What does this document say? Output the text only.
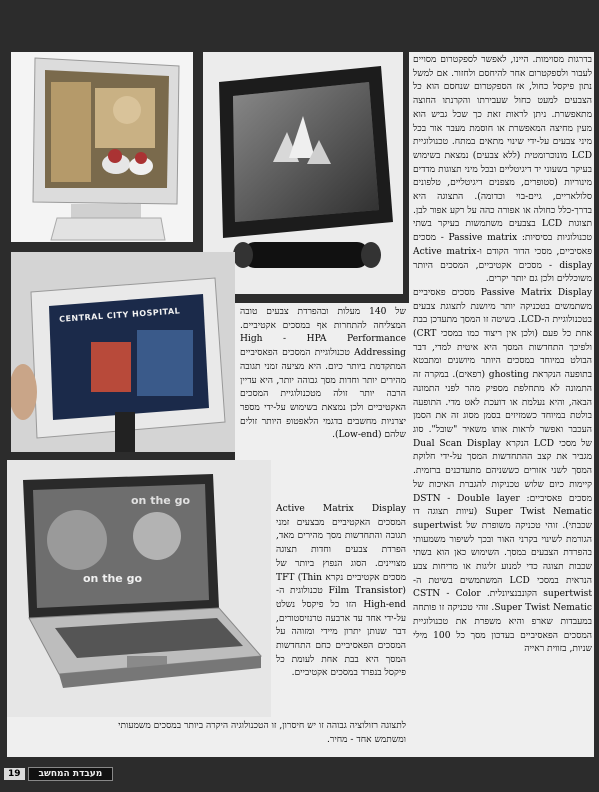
בדרגות מסוימות. היינו, לאפשר לספקטרום מסויים לעבור ולספקטרום אחר להיחסם ולחזור. אם למשל נתון פיקסל כחול, אז הספקטרום שנחסם הוא כל הצבעים למעט כחול שעבירתו והקרנתו החוצה מתאפשרת. ניתן לראות זאת כך שכל גביש הוא מעין מחיצה המאפשרת או חוסמת מעבר אור בכל מיני צבעים על-ידי שינוי מתאים במתח. טכנולוגיית LCD מונוכרומטית (ללא צבעים) נמצאת בשימוש בעיקר בשעוני יד דיגיטליים ובכל מיני תצוגות מדדים מינוריות (סטופרים, מצפנים דיגיטליים, טלפונים סלולאריים, גיים-בוי וכדומה). התצוגה היא בדרך-כלל כחולה או אפורה כהה על רקע אפור לבן. תצוגות LCD בצבעים משתמשות בעיקר בשתי טכנולוגיות בסיסיות: Passive matrix - מסכים פאסיביים, מסכי הדור הקודם ו-Active matrix display - מסכים אקטיביים, המסכים היותר משוכללים ולכן גם יותר יקרים.

Passive Matrix Display מסכים פאסיביים משתמשים בטכניקה יותר מיושנת לתצוגת צבעים בטכנולוגיית ה-LCD. בשיטה זו המסך מתעדכן בבת אחת כל פעם (ולכן אין ריצוד כמו במסכי CRT) ולפיכך התחדשות המסך היא איטית למדי, דבר הבולט במיוחד במסכים היותר מיושנים ומתבטא בתופעה הנקראת ghosting (רפאים). במקרה זה התמונה לא מתחלפת מספיק מהר לפני התמונה הבאה, והיא נעלמת או דועכת לאט מדי. התופעה בולטת במיוחד כשמזיזים בסמן מסוג זה את הסמן העכבר ואפשר לראות אותו משאיר "שובל". סוג של מסכי LCD הנקרא Dual Scan Display מגביר את קצב ההתחדשות המסך על-ידי חלוקת המסך לשני אזורים כששניהם מתעדכנים ברזמית. קיימות כיום שלוש טכניקות להגברת האיכות של מסכים פאסיביים: DSTN - Double layer Super Twist Nematic (עיוות תצוגה דו שכבתי). זוהי טכניקה משופרת של supertwist הגורמת לשינוי בקרני האור ובכך לשיפור משמעותי בהפרדת הצבעים במסך. השימוש כאן הוא בשתי שכבות תצוגה כדי למנוע זליגות או מריחות צבע הנראית במסכי LCD המשתמשים בשיטת ה-supertwist הקונבנציונלית. CSTN - Color Super Twist Nematic. זוהי טכניקה זו פותחה במעבדות שארפ והיא משפרת את טכנולוגיית המסכים הפאסיביים בעדכון מסך כל 100 מילי שניות, בזווית ראייה

CENTRAL CITY HOSPITAL	של 140 מעלות ובהפרדת צבעים טובה המצליחה להתחרות אף במסכים אקטיביים. High - HPA Performance Addressing טכנולוגיית המסכים הפאסיביים המתקדמת ביותר כיום. היא מציעה זמני תגובה מהירים יותר וחדות מסך גבוהה יותר, היא עדיין הרבה יותר זולה מטכנולוגיית המסכים האקטיביים ולכן נמצאת בשימוש על-ידי מספר יצרניות מחשבים בדגמי הלאפטופ היותר זולים שלהם (Low-end).

on the go
on the go

Active Matrix Display המסכים האקטיביים מבצעים זמני תגובה והתחדשות מסך מהירים מאד, הפרדת צבעים וחדות תצוגה מצויינים. הסוג הנפוץ ביותר של מסכים אקטיביים נקרא TFT (Thin Film Transistor) טכנולוגית ה-High-end הזו כל פיקסל נשלט על-ידי אחד עד ארבעה טרנזיסטורים, דבר שנותן יתרון מיידי ומזוהה על המסכים הפאסיביים כחם התחדשות המסך היא בבת אחת לעומת כל פיקסל בנפרד במסכים אקטיביים.

לתצוגה רזולוציה גבוהה זו יש חיסרון, זו הטכנולוגיה היקרה ביותר במסכים משמעותי ומשתמש אחד - מחיר.

19	מעבדת המחשב
